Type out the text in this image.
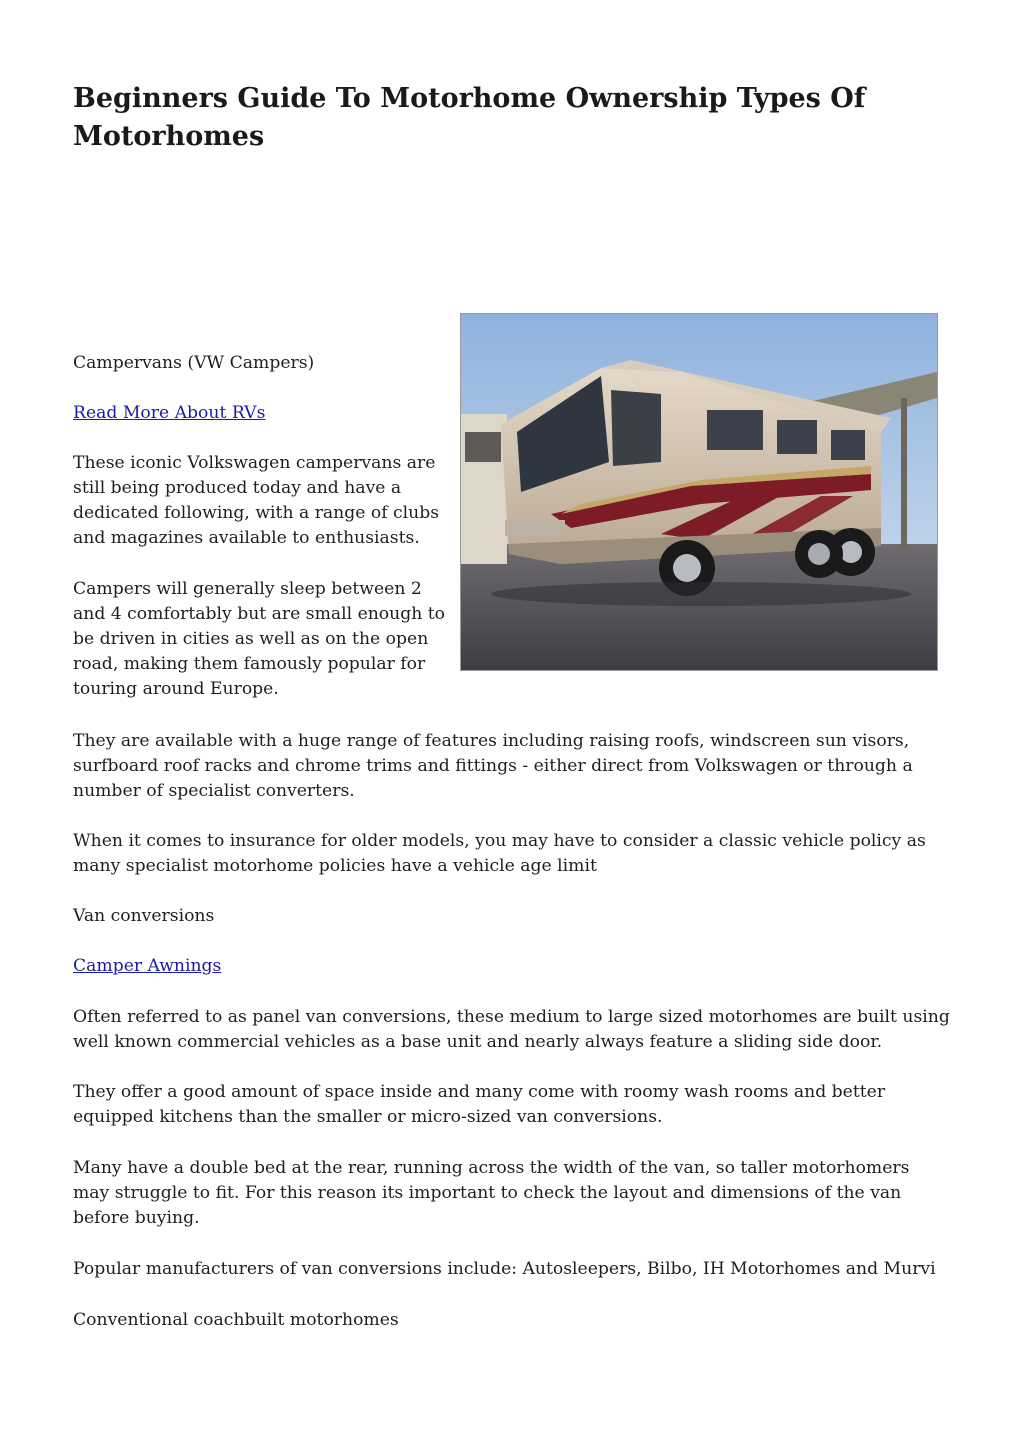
Beginners Guide To Motorhome Ownership Types Of Motorhomes

Campervans (VW Campers)

Read More About RVs

These iconic Volkswagen campervans are still being produced today and have a dedicated following, with a range of clubs and magazines available to enthusiasts.

Campers will generally sleep between 2 and 4 comfortably but are small enough to be driven in cities as well as on the open road, making them famously popular for touring around Europe.

They are available with a huge range of features including raising roofs, windscreen sun visors, surfboard roof racks and chrome trims and fittings - either direct from Volkswagen or through a number of specialist converters.

When it comes to insurance for older models, you may have to consider a classic vehicle policy as many specialist motorhome policies have a vehicle age limit

Van conversions

Camper Awnings

Often referred to as panel van conversions, these medium to large sized motorhomes are built using well known commercial vehicles as a base unit and nearly always feature a sliding side door.

They offer a good amount of space inside and many come with roomy wash rooms and better equipped kitchens than the smaller or micro-sized van conversions.

Many have a double bed at the rear, running across the width of the van, so taller motorhomers may struggle to fit. For this reason its important to check the layout and dimensions of the van before buying.

Popular manufacturers of van conversions include: Autosleepers, Bilbo, IH Motorhomes and Murvi

Conventional coachbuilt motorhomes
